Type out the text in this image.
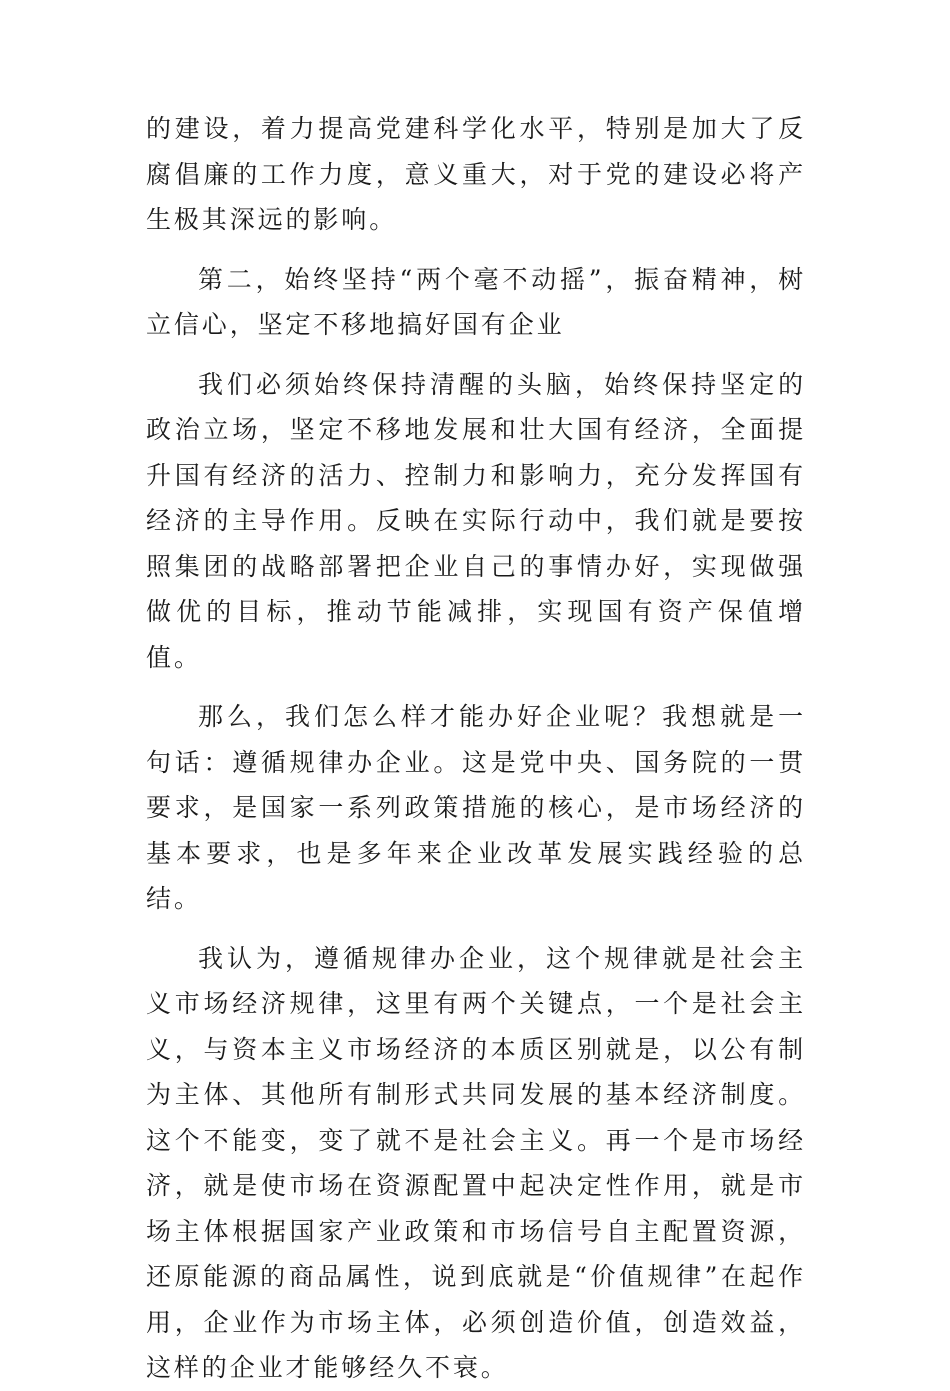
的建设，着力提高党建科学化水平，特别是加大了反腐倡廉的工作力度，意义重大，对于党的建设必将产生极其深远的影响。

第二，始终坚持“两个毫不动摇”，振奋精神，树立信心，坚定不移地搞好国有企业

我们必须始终保持清醒的头脑，始终保持坚定的政治立场，坚定不移地发展和壮大国有经济，全面提升国有经济的活力、控制力和影响力，充分发挥国有经济的主导作用。反映在实际行动中，我们就是要按照集团的战略部署把企业自己的事情办好，实现做强做优的目标，推动节能减排，实现国有资产保值增值。

那么，我们怎么样才能办好企业呢？我想就是一句话：遵循规律办企业。这是党中央、国务院的一贯要求，是国家一系列政策措施的核心，是市场经济的基本要求，也是多年来企业改革发展实践经验的总结。

我认为，遵循规律办企业，这个规律就是社会主义市场经济规律，这里有两个关键点，一个是社会主义，与资本主义市场经济的本质区别就是，以公有制为主体、其他所有制形式共同发展的基本经济制度。这个不能变，变了就不是社会主义。再一个是市场经济，就是使市场在资源配置中起决定性作用，就是市场主体根据国家产业政策和市场信号自主配置资源，还原能源的商品属性，说到底就是“价值规律”在起作用，企业作为市场主体，必须创造价值，创造效益，这样的企业才能够经久不衰。
